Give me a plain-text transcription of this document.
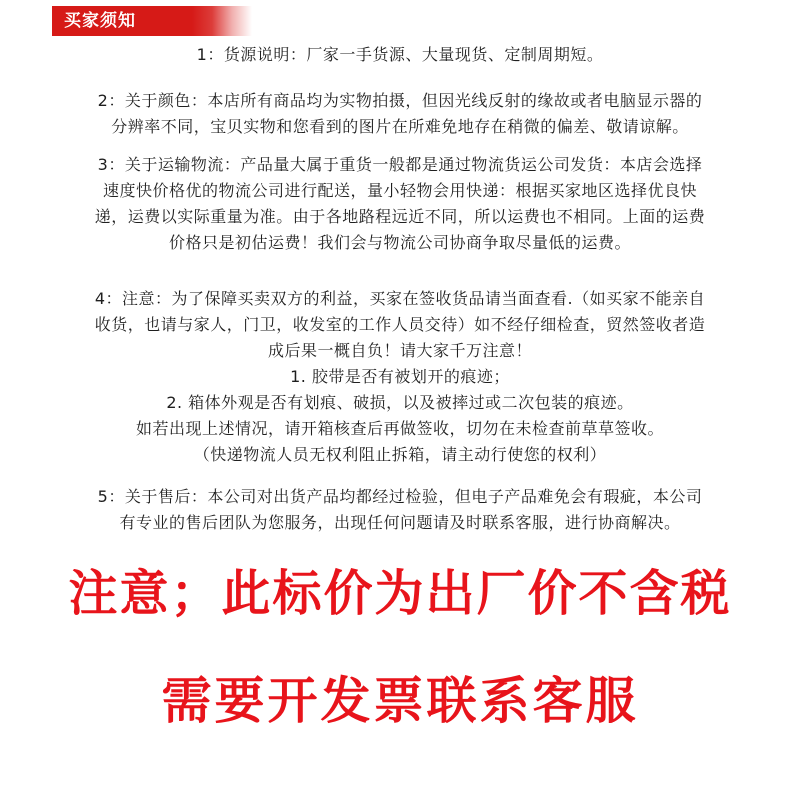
买家须知
1：货源说明：厂家一手货源、大量现货、定制周期短。
2：关于颜色：本店所有商品均为实物拍摄，但因光线反射的缘故或者电脑显示器的
分辨率不同，宝贝实物和您看到的图片在所难免地存在稍微的偏差、敬请谅解。
3：关于运输物流：产品量大属于重货一般都是通过物流货运公司发货：本店会选择
速度快价格优的物流公司进行配送，量小轻物会用快递：根据买家地区选择优良快
递，运费以实际重量为准。由于各地路程远近不同，所以运费也不相同。上面的运费
价格只是初估运费！我们会与物流公司协商争取尽量低的运费。
4：注意：为了保障买卖双方的利益，买家在签收货品请当面查看.（如买家不能亲自
收货，也请与家人，门卫，收发室的工作人员交待）如不经仔细检查，贸然签收者造
成后果一概自负！请大家千万注意！
1. 胶带是否有被划开的痕迹；
2. 箱体外观是否有划痕、破损，以及被摔过或二次包装的痕迹。
如若出现上述情况，请开箱核查后再做签收，切勿在未检查前草草签收。
（快递物流人员无权利阻止拆箱，请主动行使您的权利）
5：关于售后：本公司对出货产品均都经过检验，但电子产品难免会有瑕疵，本公司
有专业的售后团队为您服务，出现任何问题请及时联系客服，进行协商解决。
注意；此标价为出厂价不含税
需要开发票联系客服
